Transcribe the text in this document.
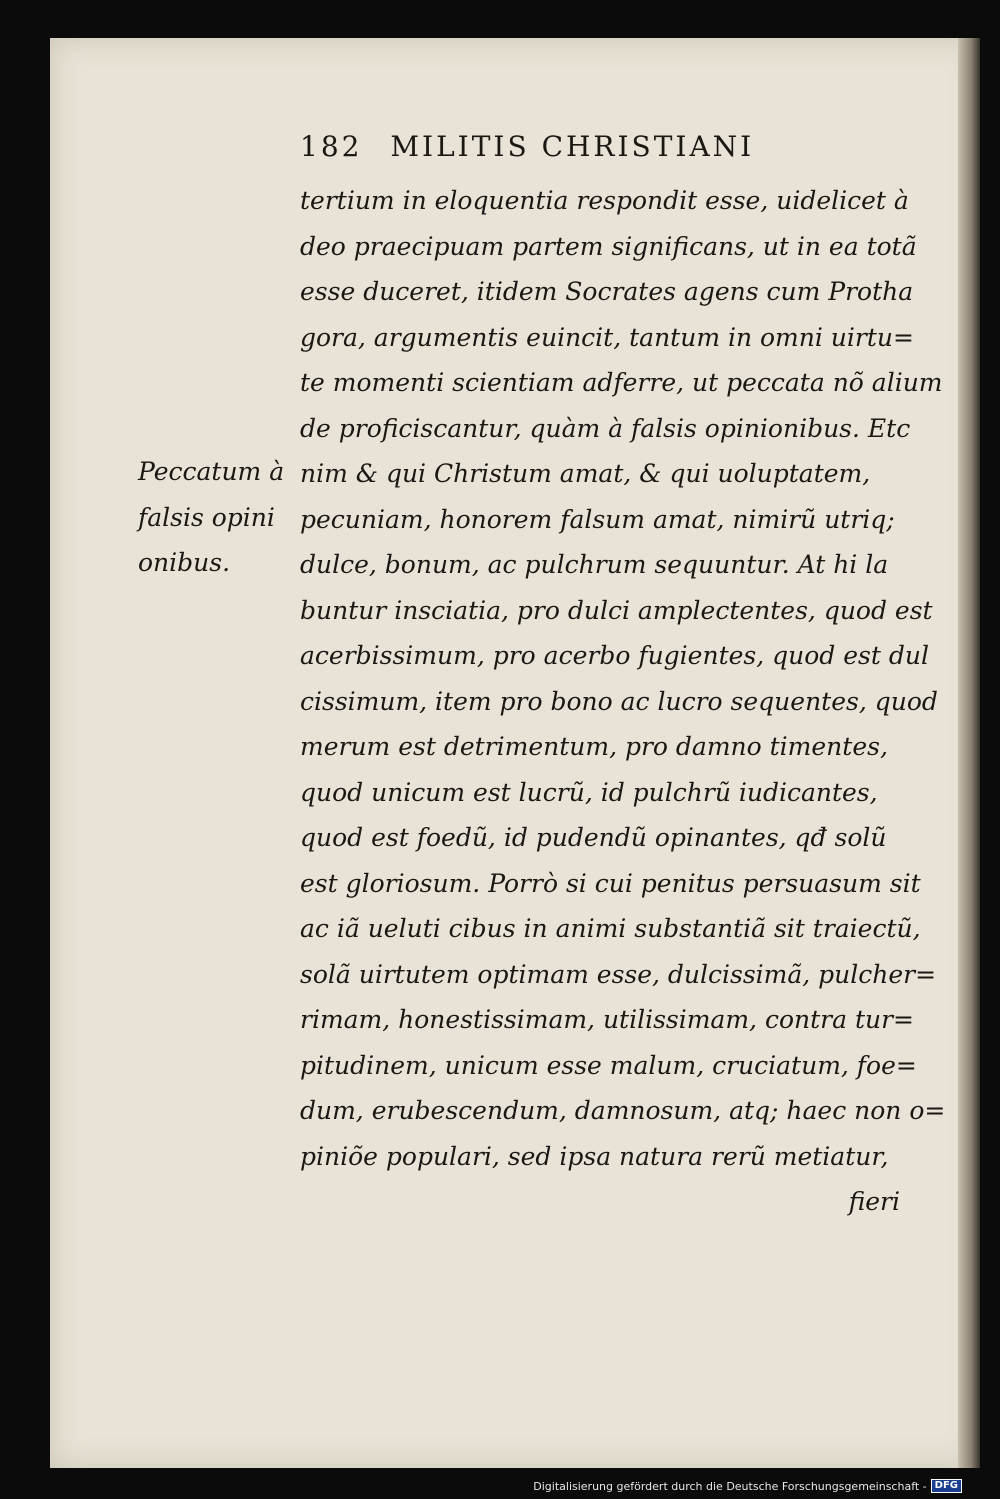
182 MILITIS CHRISTIANI
Peccatum à
falsis opini
onibus.
tertium in eloquentia respondit esse, uidelicet à
deo praecipuam partem significans, ut in ea totã
esse duceret, itidem Socrates agens cum Protha
gora, argumentis euincit, tantum in omni uirtu=
te momenti scientiam adferre, ut peccata nõ alium
de proficiscantur, quàm à falsis opinionibus. Etc
nim & qui Christum amat, & qui uoluptatem,
pecuniam, honorem falsum amat, nimirũ utriq;
dulce, bonum, ac pulchrum sequuntur. At hi la
buntur insciatia, pro dulci amplectentes, quod est
acerbissimum, pro acerbo fugientes, quod est dul
cissimum, item pro bono ac lucro sequentes, quod
merum est detrimentum, pro damno timentes,
quod unicum est lucrũ, id pulchrũ iudicantes,
quod est foedũ, id pudendũ opinantes, qđ solũ
est gloriosum. Porrò si cui penitus persuasum sit
ac iã ueluti cibus in animi substantiã sit traiectũ,
solã uirtutem optimam esse, dulcissimã, pulcher=
rimam, honestissimam, utilissimam, contra tur=
pitudinem, unicum esse malum, cruciatum, foe=
dum, erubescendum, damnosum, atq; haec non o=
piniõe populari, sed ipsa natura rerũ metiatur,
fieri
Digitalisierung gefördert durch die Deutsche Forschungsgemeinschaft - DFG
